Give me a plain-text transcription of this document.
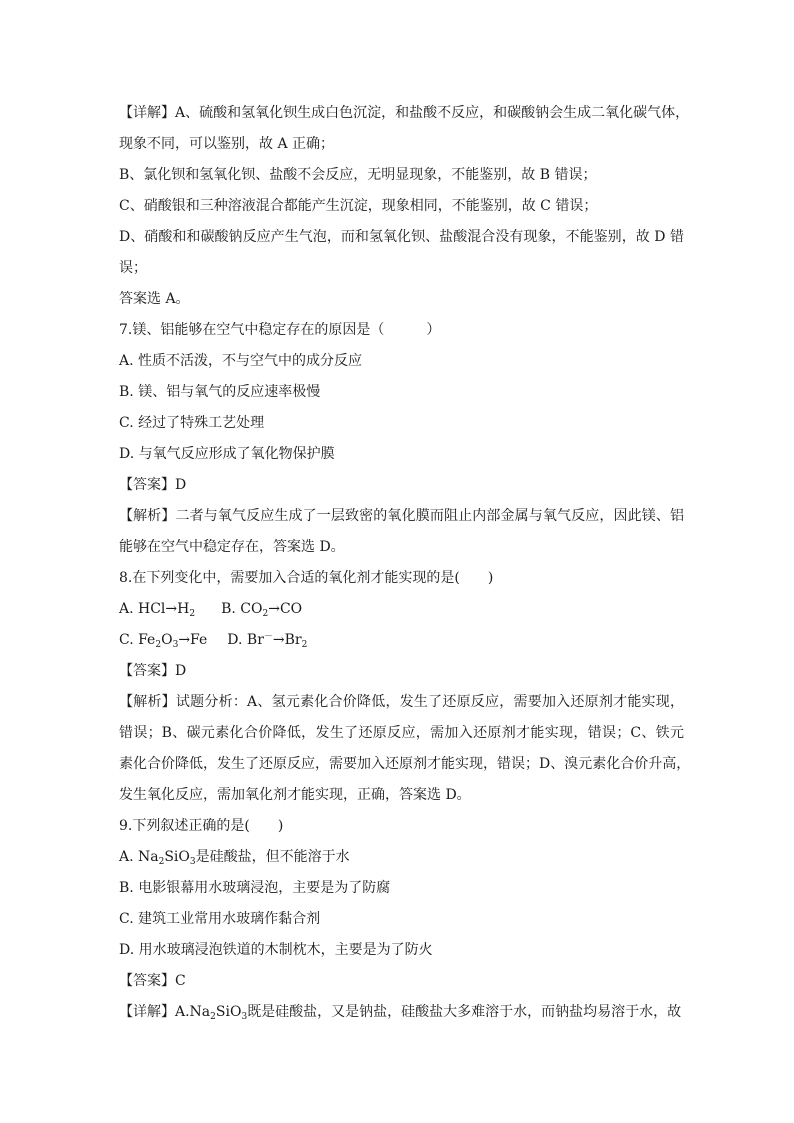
【详解】A、硫酸和氢氧化钡生成白色沉淀，和盐酸不反应，和碳酸钠会生成二氧化碳气体，
现象不同，可以鉴别，故 A 正确；
B、氯化钡和氢氧化钡、盐酸不会反应，无明显现象，不能鉴别，故 B 错误；
C、硝酸银和三种溶液混合都能产生沉淀，现象相同，不能鉴别，故 C 错误；
D、硝酸和和碳酸钠反应产生气泡，而和氢氧化钡、盐酸混合没有现象，不能鉴别，故 D 错
误；
答案选 A。
7.镁、铝能够在空气中稳定存在的原因是（　　　）
A. 性质不活泼，不与空气中的成分反应
B. 镁、铝与氧气的反应速率极慢
C. 经过了特殊工艺处理
D. 与氧气反应形成了氧化物保护膜
【答案】D
【解析】二者与氧气反应生成了一层致密的氧化膜而阻止内部金属与氧气反应，因此镁、铝
能够在空气中稳定存在，答案选 D。
8.在下列变化中，需要加入合适的氧化剂才能实现的是(　　)
A. $HCl\to H_2$ B. $CO_2\to CO$
C. $Fe_2O_3\to Fe$ D. $Br^-\to Br_2$
【答案】D
【解析】试题分析：A、氢元素化合价降低，发生了还原反应，需要加入还原剂才能实现，
错误；B、碳元素化合价降低，发生了还原反应，需加入还原剂才能实现，错误；C、铁元
素化合价降低，发生了还原反应，需要加入还原剂才能实现，错误；D、溴元素化合价升高，
发生氧化反应，需加氧化剂才能实现，正确，答案选 D。
9.下列叙述正确的是(　　)
A. $Na_2SiO_3$是硅酸盐，但不能溶于水
B. 电影银幕用水玻璃浸泡，主要是为了防腐
C. 建筑工业常用水玻璃作黏合剂
D. 用水玻璃浸泡铁道的木制枕木，主要是为了防火
【答案】C
【详解】$A.Na_2SiO_3$既是硅酸盐，又是钠盐，硅酸盐大多难溶于水，而钠盐均易溶于水，故
